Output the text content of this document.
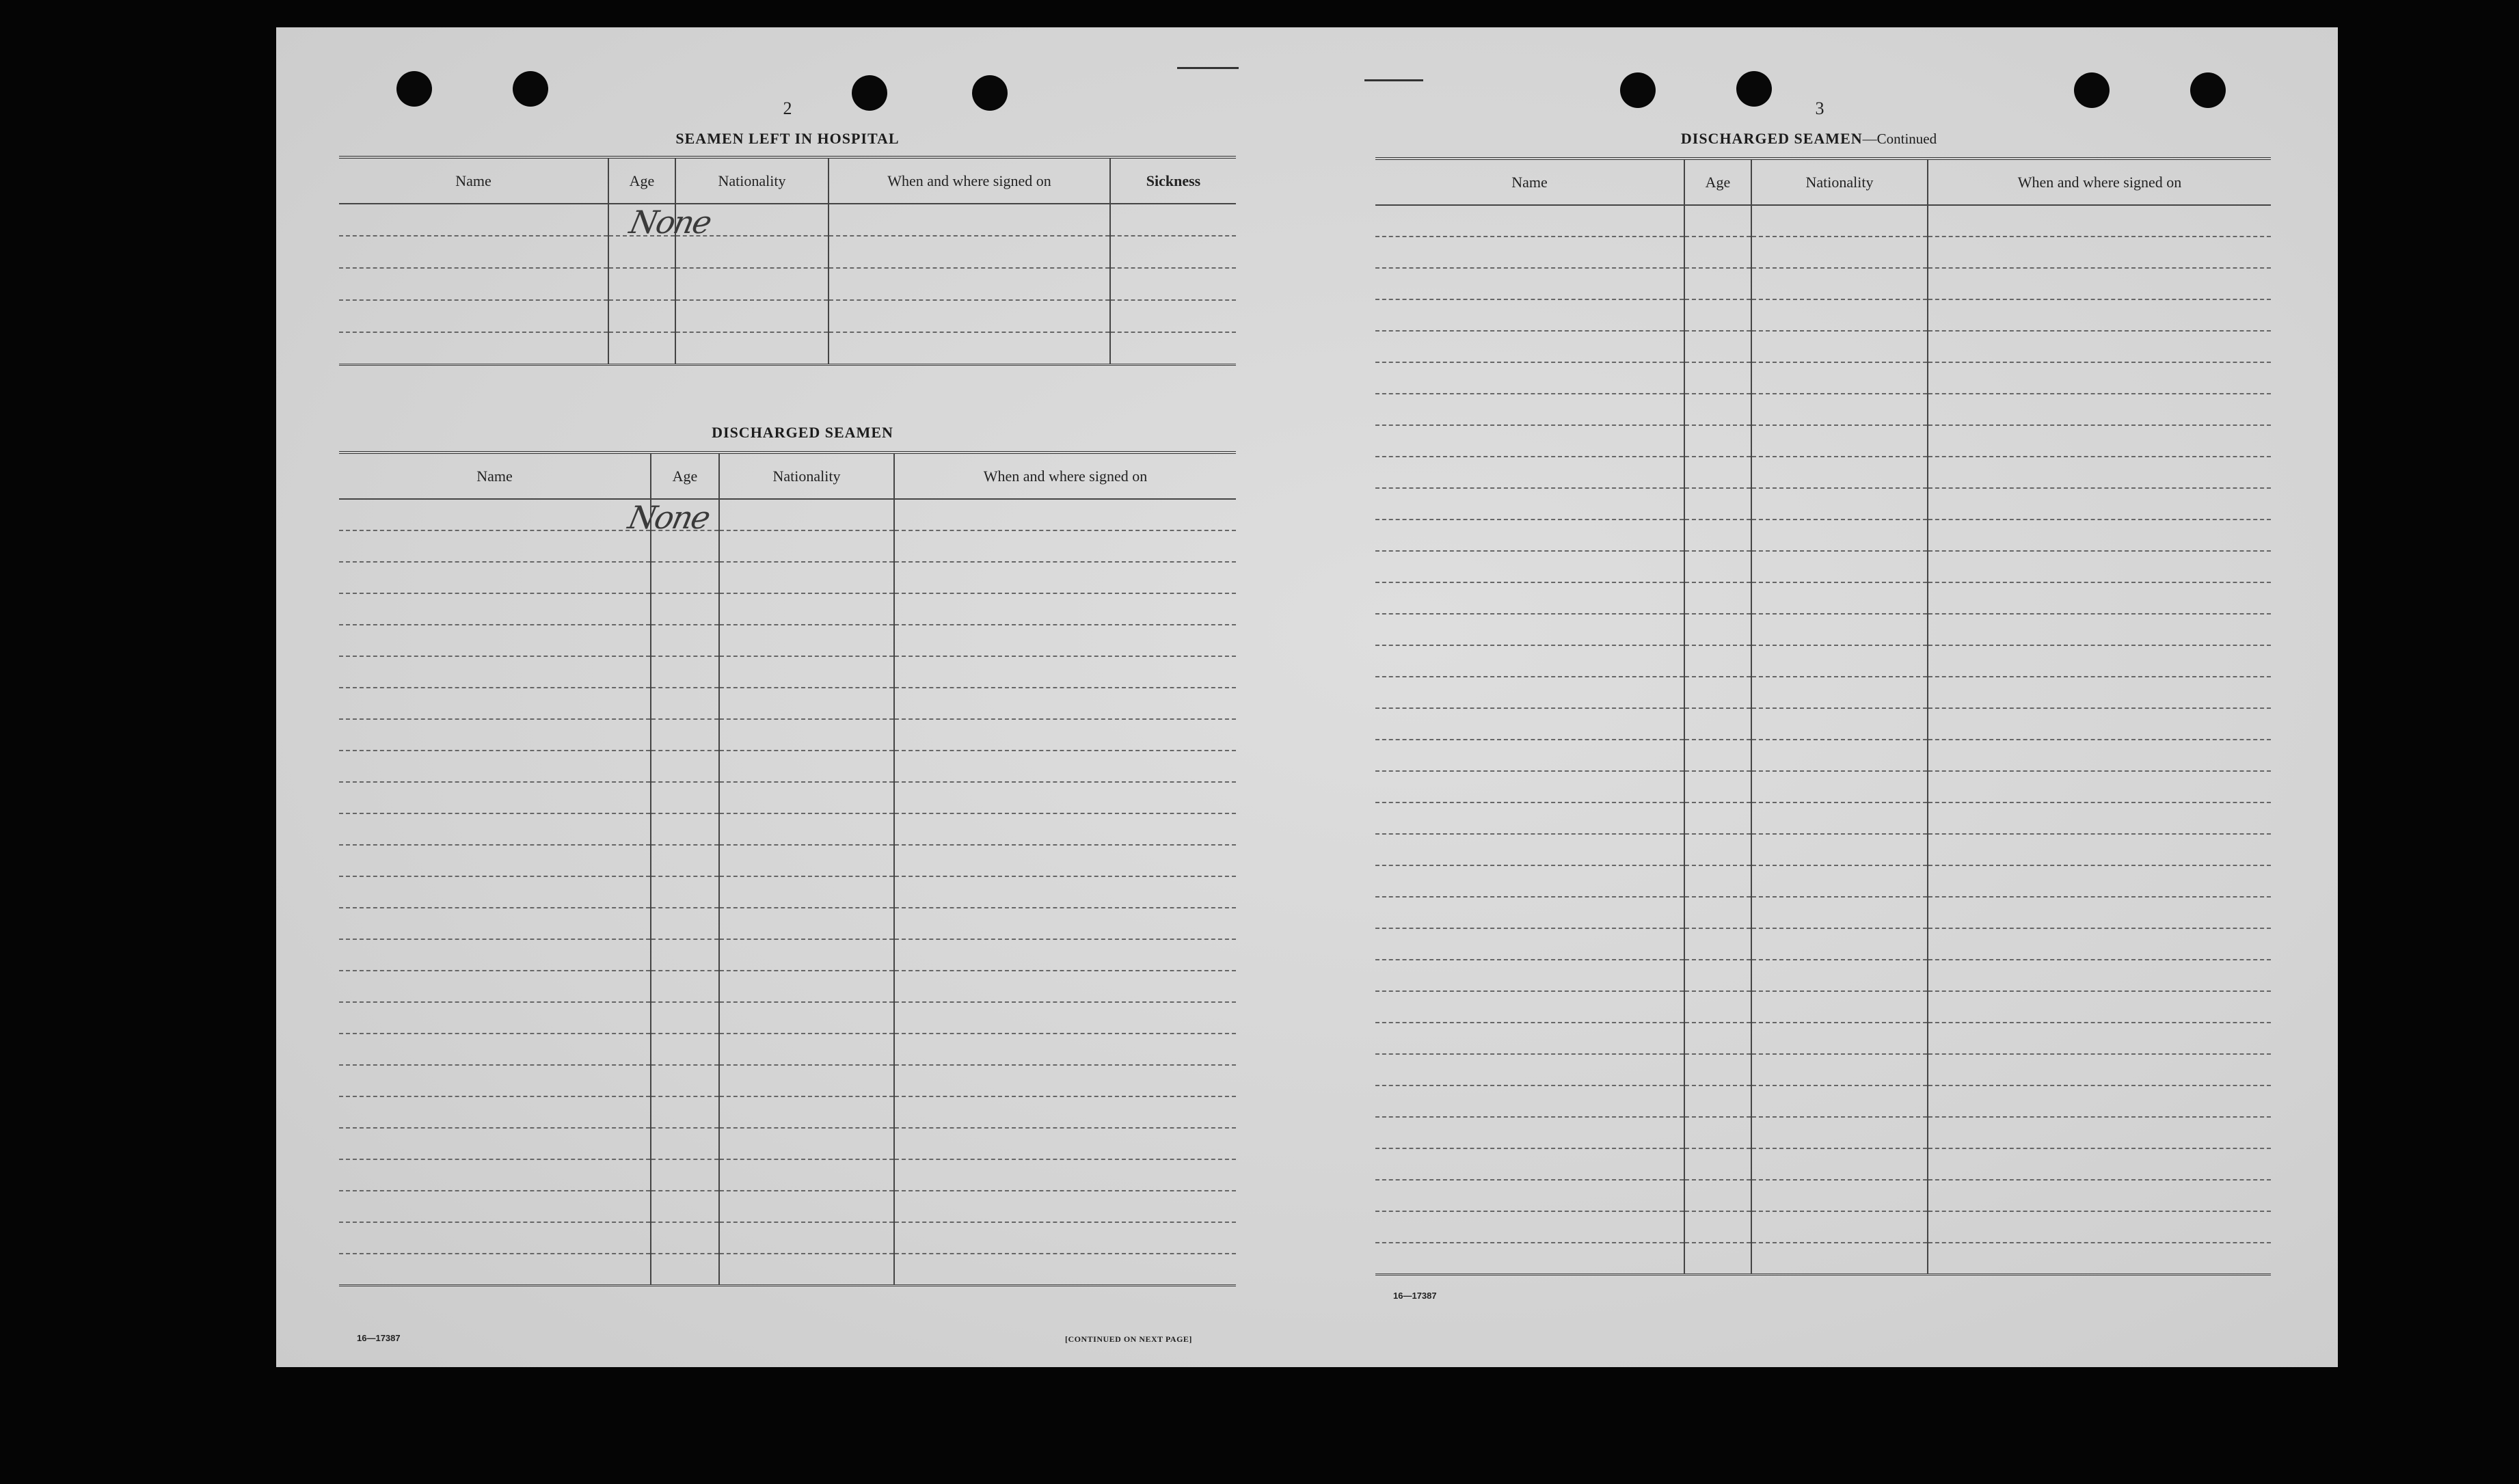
2
SEAMEN LEFT IN HOSPITAL
Name	Age	Nationality	When and where signed on	Sickness

None
DISCHARGED SEAMEN
Name	Age	Nationality	When and where signed on

None
16—17387	[CONTINUED ON NEXT PAGE]
3
DISCHARGED SEAMEN—Continued
Name	Age	Nationality	When and where signed on

16—17387
